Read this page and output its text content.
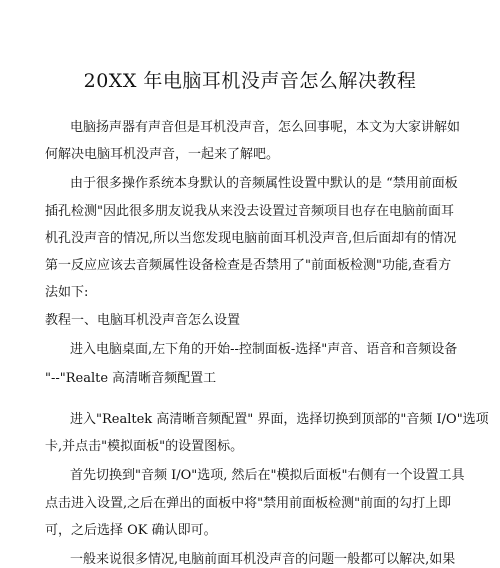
20XX 年电脑耳机没声音怎么解决教程
电脑扬声器有声音但是耳机没声音，怎么回事呢，本文为大家讲解如
何解决电脑耳机没声音，一起来了解吧。
由于很多操作系统本身默认的音频属性设置中默认的是 “禁用前面板
插孔检测"因此很多朋友说我从来没去设置过音频项目也存在电脑前面耳
机孔没声音的情况,所以当您发现电脑前面耳机没声音,但后面却有的情况
第一反应应该去音频属性设备检查是否禁用了"前面板检测"功能,查看方
法如下:
教程一、电脑耳机没声音怎么设置
进入电脑桌面,左下角的开始--控制面板-选择"声音、语音和音频设备
"--"Realte 高清晰音频配置工
进入"Realtek 高清晰音频配置" 界面，选择切换到顶部的"音频 I/O"选项
卡,并点击"模拟面板"的设置图标。
首先切换到"音频 I/O"选项, 然后在"模拟后面板"右侧有一个设置工具
点击进入设置,之后在弹出的面板中将"禁用前面板检测"前面的勾打上即
可，之后选择 OK 确认即可。
一般来说很多情况,电脑前面耳机没声音的问题一般都可以解决,如果
